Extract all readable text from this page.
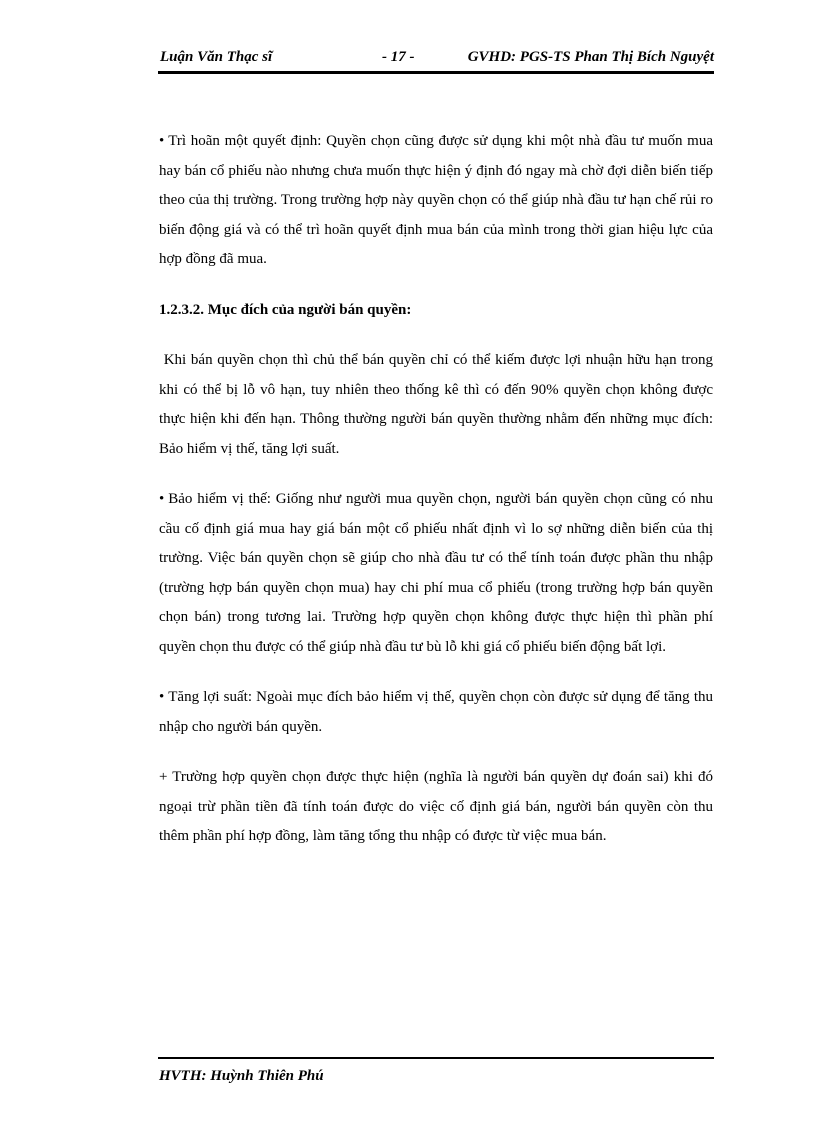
Luận Văn Thạc sĩ	- 17 -	GVHD: PGS-TS Phan Thị Bích Nguyệt

• Trì hoãn một quyết định: Quyền chọn cũng được sử dụng khi một nhà đầu tư muốn mua hay bán cổ phiếu nào nhưng chưa muốn thực hiện ý định đó ngay mà chờ đợi diễn biến tiếp theo của thị trường. Trong trường hợp này quyền chọn có thể giúp nhà đầu tư hạn chế rủi ro biến động giá và có thể trì hoãn quyết định mua bán của mình trong thời gian hiệu lực của hợp đồng đã mua.

1.2.3.2. Mục đích của người bán quyền:

Khi bán quyền chọn thì chủ thể bán quyền chỉ có thể kiếm được lợi nhuận hữu hạn trong khi có thể bị lỗ vô hạn, tuy nhiên theo thống kê thì có đến 90% quyền chọn không được thực hiện khi đến hạn. Thông thường người bán quyền thường nhằm đến những mục đích: Bảo hiểm vị thế, tăng lợi suất.

• Bảo hiểm vị thế: Giống như người mua quyền chọn, người bán quyền chọn cũng có nhu cầu cố định giá mua hay giá bán một cổ phiếu nhất định vì lo sợ những diễn biến của thị trường. Việc bán quyền chọn sẽ giúp cho nhà đầu tư có thể tính toán được phần thu nhập (trường hợp bán quyền chọn mua) hay chi phí mua cổ phiếu (trong trường hợp bán quyền chọn bán) trong tương lai. Trường hợp quyền chọn không được thực hiện thì phần phí quyền chọn thu được có thể giúp nhà đầu tư bù lỗ khi giá cổ phiếu biến động bất lợi.

• Tăng lợi suất: Ngoài mục đích bảo hiểm vị thế, quyền chọn còn được sử dụng để tăng thu nhập cho người bán quyền.

+ Trường hợp quyền chọn được thực hiện (nghĩa là người bán quyền dự đoán sai) khi đó ngoại trừ phần tiền đã tính toán được do việc cố định giá bán, người bán quyền còn thu thêm phần phí hợp đồng, làm tăng tổng thu nhập có được từ việc mua bán.

HVTH: Huỳnh Thiên Phú
